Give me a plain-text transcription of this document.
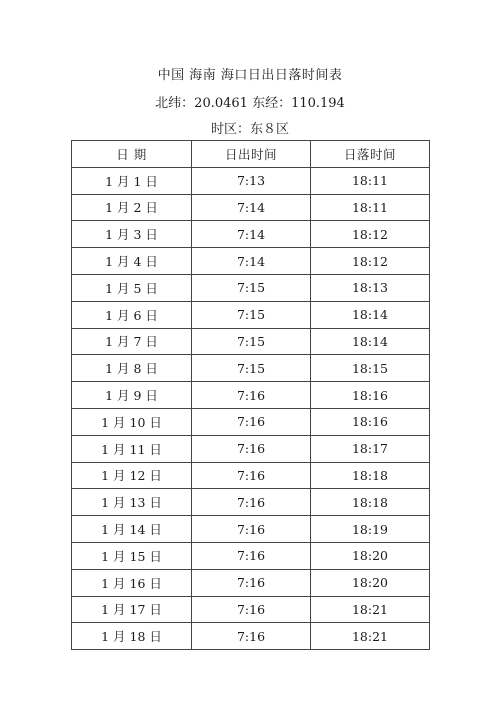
中国 海南 海口日出日落时间表
北纬：20.0461 东经：110.194
时区：东８区
日 期	日出时间	日落时间
1 月 1 日	7:13	18:11
1 月 2 日	7:14	18:11
1 月 3 日	7:14	18:12
1 月 4 日	7:14	18:12
1 月 5 日	7:15	18:13
1 月 6 日	7:15	18:14
1 月 7 日	7:15	18:14
1 月 8 日	7:15	18:15
1 月 9 日	7:16	18:16
1 月 10 日	7:16	18:16
1 月 11 日	7:16	18:17
1 月 12 日	7:16	18:18
1 月 13 日	7:16	18:18
1 月 14 日	7:16	18:19
1 月 15 日	7:16	18:20
1 月 16 日	7:16	18:20
1 月 17 日	7:16	18:21
1 月 18 日	7:16	18:21
